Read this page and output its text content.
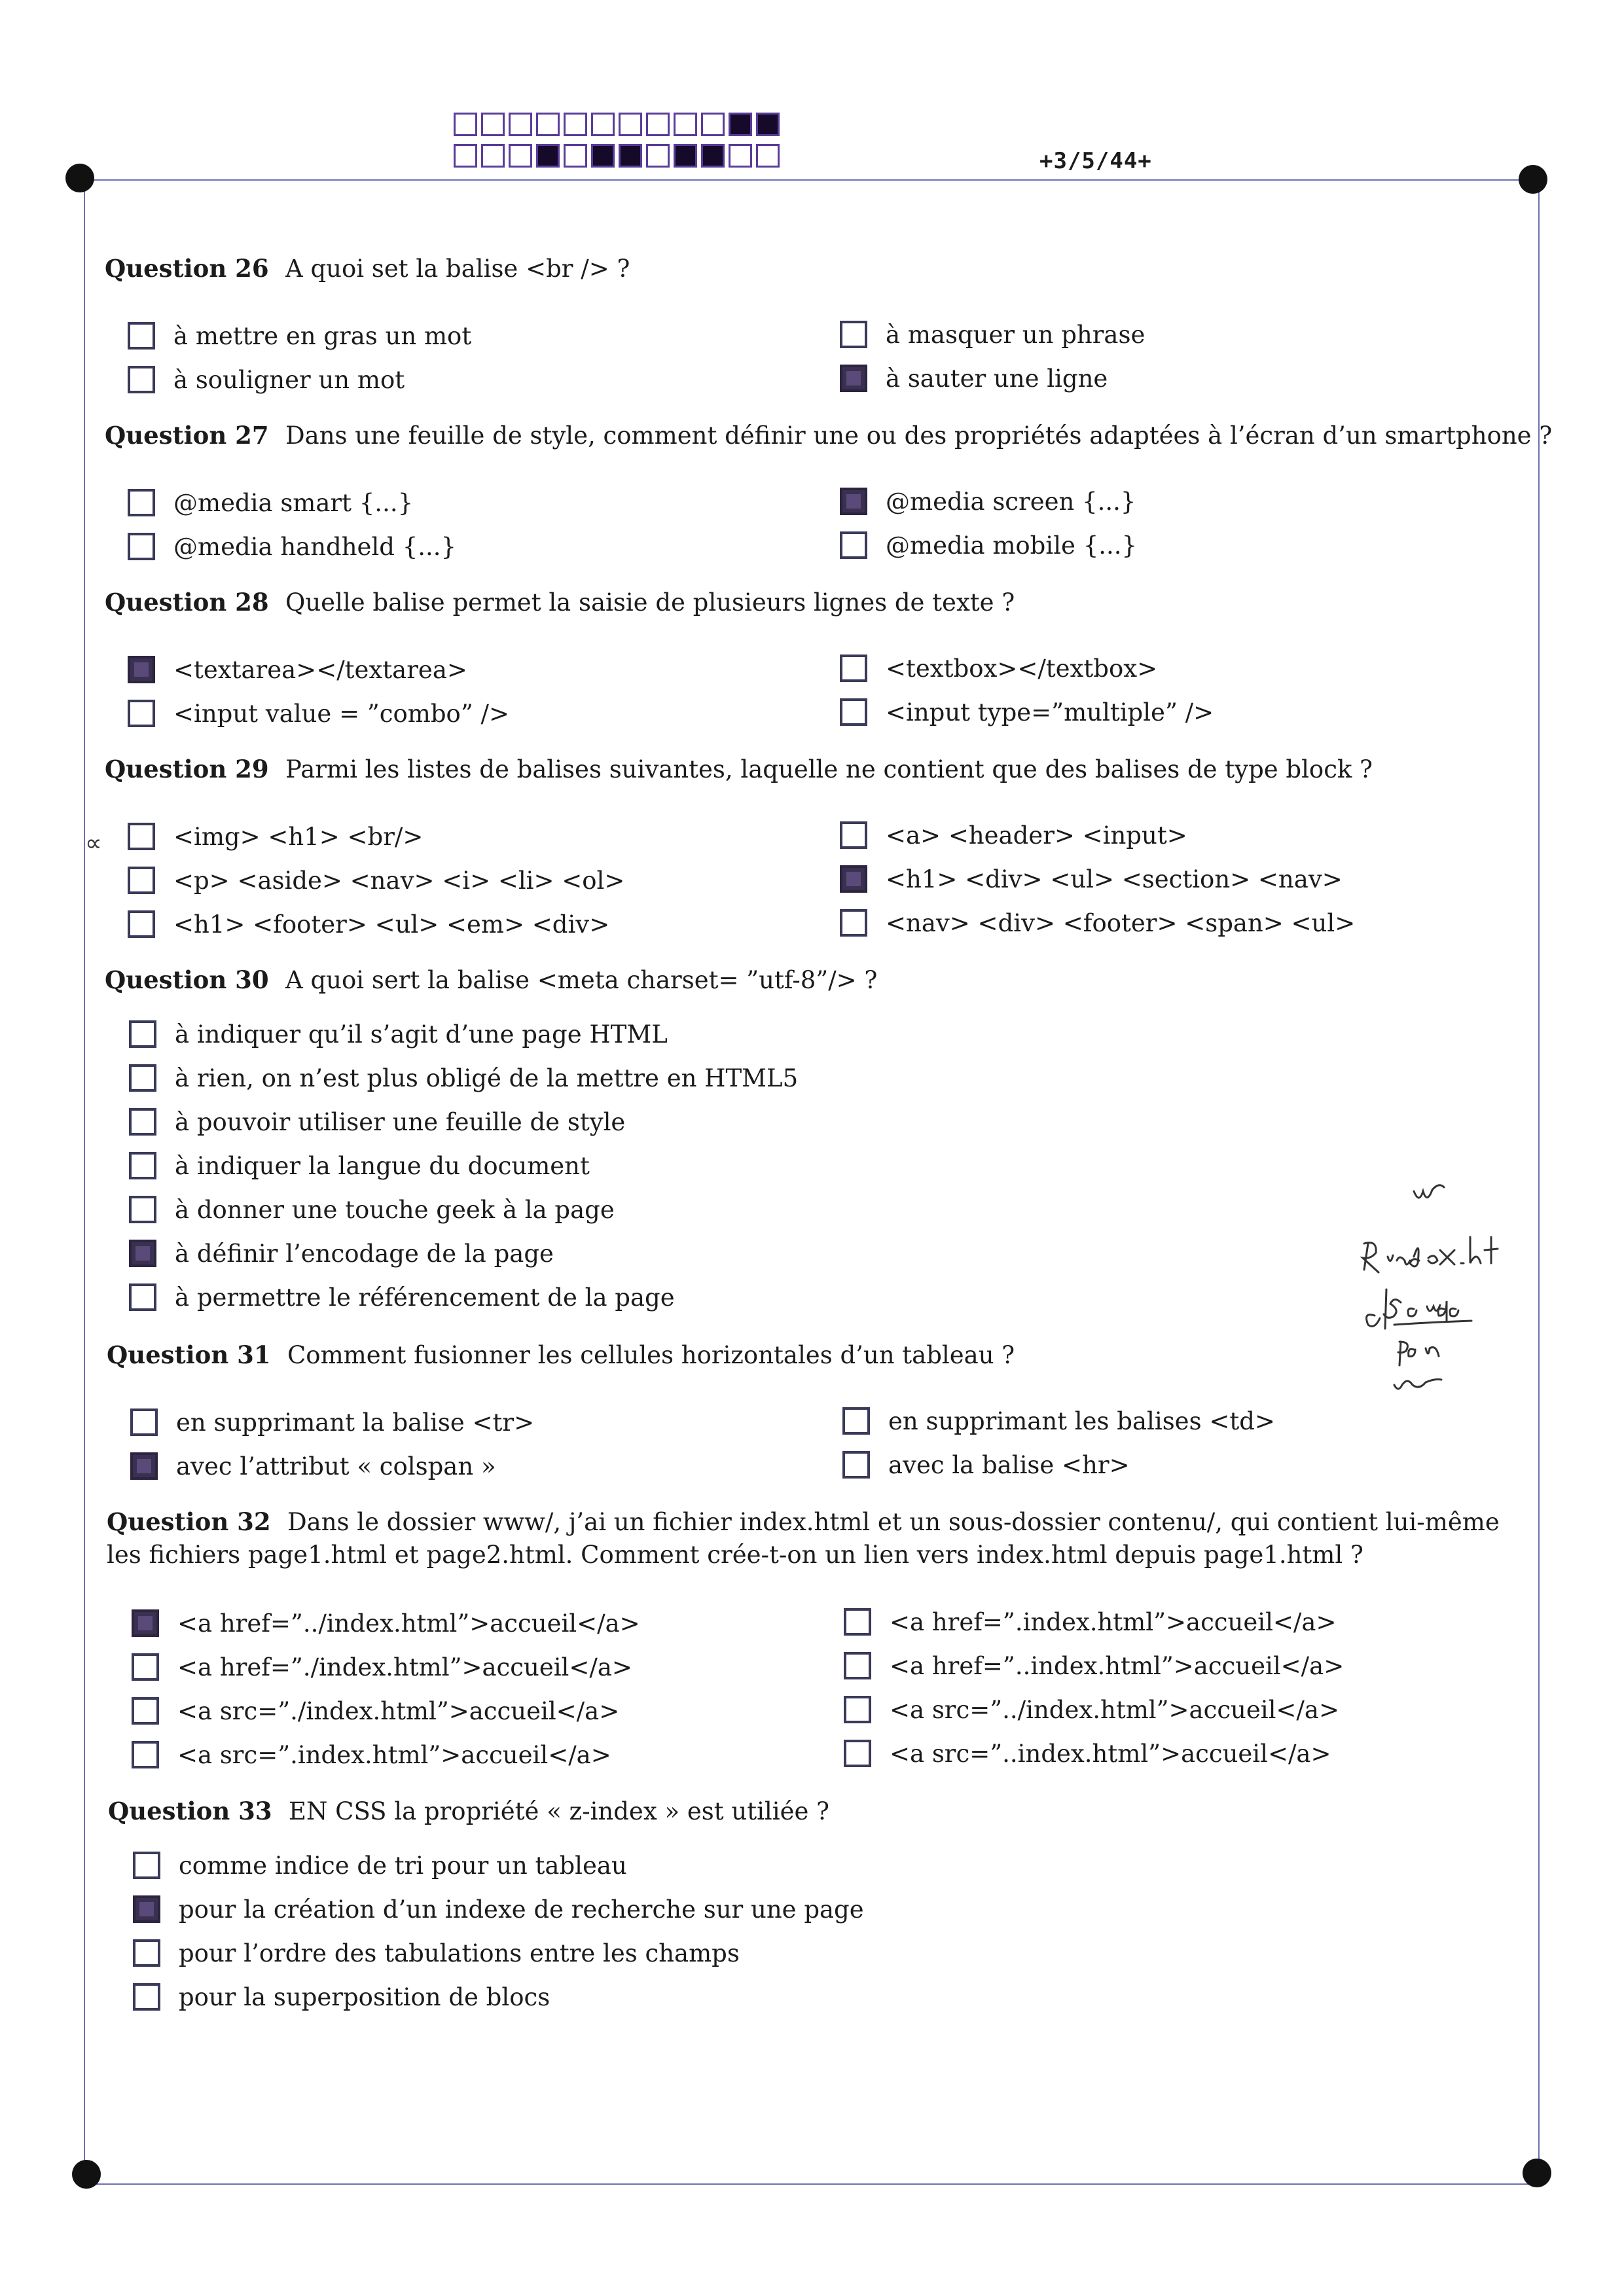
+3/5/44+
Question 26 A quoi set la balise <br /> ?
à mettre en gras un mot	à masquer un phrase
à souligner un mot	à sauter une ligne
Question 27 Dans une feuille de style, comment définir une ou des propriétés adaptées à l’écran d’un smartphone ?
@media smart {...}	@media screen {...}
@media handheld {...}	@media mobile {...}
Question 28 Quelle balise permet la saisie de plusieurs lignes de texte ?
<textarea></textarea>	<textbox></textbox>
<input value = ”combo” />	<input type=”multiple” />
Question 29 Parmi les listes de balises suivantes, laquelle ne contient que des balises de type block ?
∝	<img> <h1> <br/>	<a> <header> <input>
<p> <aside> <nav> <i> <li> <ol>	<h1> <div> <ul> <section> <nav>
<h1> <footer> <ul> <em> <div>	<nav> <div> <footer> <span> <ul>
Question 30 A quoi sert la balise <meta charset= ”utf-8”/> ?
à indiquer qu’il s’agit d’une page HTML
à rien, on n’est plus obligé de la mettre en HTML5
à pouvoir utiliser une feuille de style
à indiquer la langue du document
à donner une touche geek à la page
à définir l’encodage de la page
à permettre le référencement de la page
Question 31 Comment fusionner les cellules horizontales d’un tableau ?
en supprimant la balise <tr>	en supprimant les balises <td>
avec l’attribut « colspan »	avec la balise <hr>
Question 32 Dans le dossier www/, j’ai un fichier index.html et un sous-dossier contenu/, qui contient lui-même les fichiers page1.html et page2.html. Comment crée-t-on un lien vers index.html depuis page1.html ?
<a href=”../index.html”>accueil</a>	<a href=”.index.html”>accueil</a>
<a href=”./index.html”>accueil</a>	<a href=”..index.html”>accueil</a>
<a src=”./index.html”>accueil</a>	<a src=”../index.html”>accueil</a>
<a src=”.index.html”>accueil</a>	<a src=”..index.html”>accueil</a>
Question 33 EN CSS la propriété « z-index » est utiliée ?
comme indice de tri pour un tableau
pour la création d’un indexe de recherche sur une page
pour l’ordre des tabulations entre les champs
pour la superposition de blocs
